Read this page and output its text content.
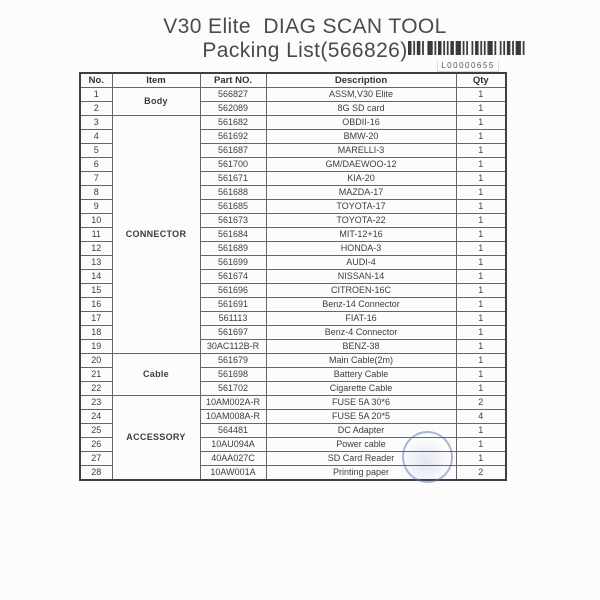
V30 Elite  DIAG SCAN TOOL
Packing List(566826)
L00000655
No.	Item	Part NO.	Description	Qty
1	Body	566827	ASSM,V30 Elite	1
2		562089	8G SD card	1
3	CONNECTOR	561682	OBDII-16	1
4		561692	BMW-20	1
5		561687	MARELLI-3	1
6		561700	GM/DAEWOO-12	1
7		561671	KIA-20	1
8		561688	MAZDA-17	1
9		561685	TOYOTA-17	1
10		561673	TOYOTA-22	1
11		561684	MIT-12+16	1
12		561689	HONDA-3	1
13		561699	AUDI-4	1
14		561674	NISSAN-14	1
15		561696	CITROEN-16C	1
16		561691	Benz-14 Connector	1
17		561113	FIAT-16	1
18		561697	Benz-4 Connector	1
19		30AC112B-R	BENZ-38	1
20	Cable	561679	Main Cable(2m)	1
21		561698	Battery Cable	1
22		561702	Cigarette Cable	1
23	ACCESSORY	10AM002A-R	FUSE 5A 30*6	2
24		10AM008A-R	FUSE 5A 20*5	4
25		564481	DC Adapter	1
26		10AU094A	Power cable	1
27		40AA027C	SD Card Reader	1
28		10AW001A	Printing paper	2
